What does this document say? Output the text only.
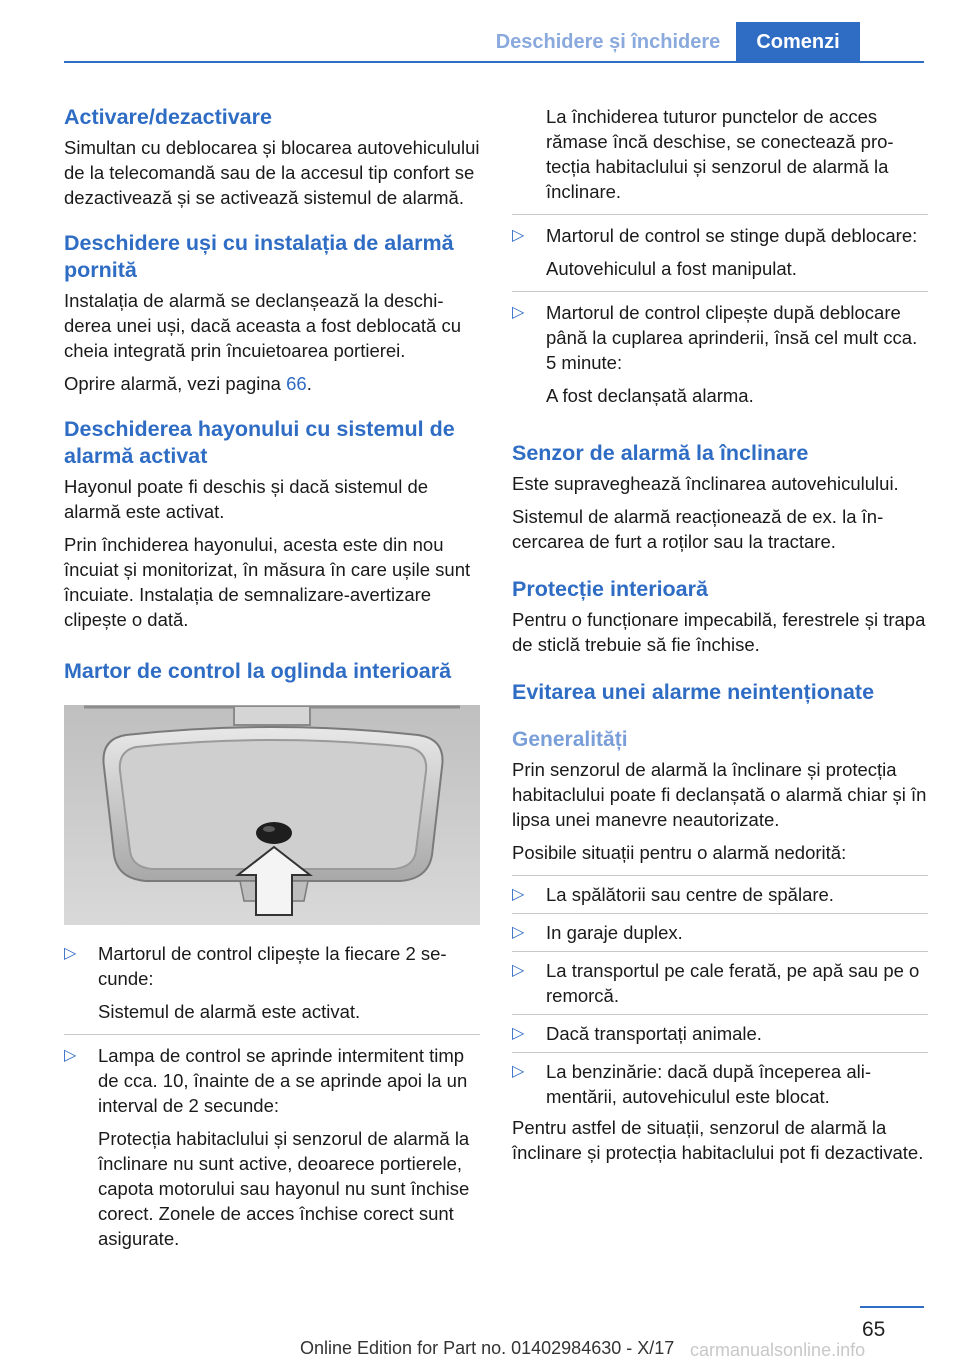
Deschidere și închidere	Comenzi
Activare/dezactivare

Simultan cu deblocarea și blocarea autovehiculului de la telecomandă sau de la accesul tip confort se dezactivează și se activează sistemul de alarmă.

Deschidere uși cu instalația de alarmă pornită

Instalația de alarmă se declanșează la deschiderea unei uși, dacă aceasta a fost deblocată cu cheia integrată prin încuietoarea portierei.

Oprire alarmă, vezi pagina 66.

Deschiderea hayonului cu sistemul de alarmă activat

Hayonul poate fi deschis și dacă sistemul de alarmă este activat.

Prin închiderea hayonului, acesta este din nou încuiat și monitorizat, în măsura în care ușile sunt încuiate. Instalația de semnalizare-avertizare clipește o dată.

Martor de control la oglinda interioară
▷ Martorul de control clipește la fiecare 2 secunde:

Sistemul de alarmă este activat.

▷ Lampa de control se aprinde intermitent timp de cca. 10, înainte de a se aprinde apoi la un interval de 2 secunde:

Protecția habitaclului și senzorul de alarmă la înclinare nu sunt active, deoarece portierele, capota motorului sau hayonul nu sunt închise corect. Zonele de acces închise corect sunt asigurate.

La închiderea tuturor punctelor de acces rămase încă deschise, se conectează protecția habitaclului și senzorul de alarmă la înclinare.

▷ Martorul de control se stinge după deblocare:

Autovehiculul a fost manipulat.

▷ Martorul de control clipește după deblocare până la cuplarea aprinderii, însă cel mult cca. 5 minute:

A fost declanșată alarma.

Senzor de alarmă la înclinare

Este supraveghează înclinarea autovehiculului.

Sistemul de alarmă reacționează de ex. la încercarea de furt a roților sau la tractare.

Protecție interioară

Pentru o funcționare impecabilă, ferestrele și trapa de sticlă trebuie să fie închise.

Evitarea unei alarme neintenționate
Generalități

Prin senzorul de alarmă la înclinare și protecția habitaclului poate fi declanșată o alarmă chiar și în lipsa unei manevre neautorizate.

Posibile situații pentru o alarmă nedorită:

▷ La spălătorii sau centre de spălare.

▷ In garaje duplex.

▷ La transportul pe cale ferată, pe apă sau pe o remorcă.

▷ Dacă transportați animale.

▷ La benzinărie: dacă după începerea alimentării, autovehiculul este blocat.

Pentru astfel de situații, senzorul de alarmă la înclinare și protecția habitaclului pot fi dezactivate.

65
Online Edition for Part no. 01402984630 - X/17 carmanualsonline.info
